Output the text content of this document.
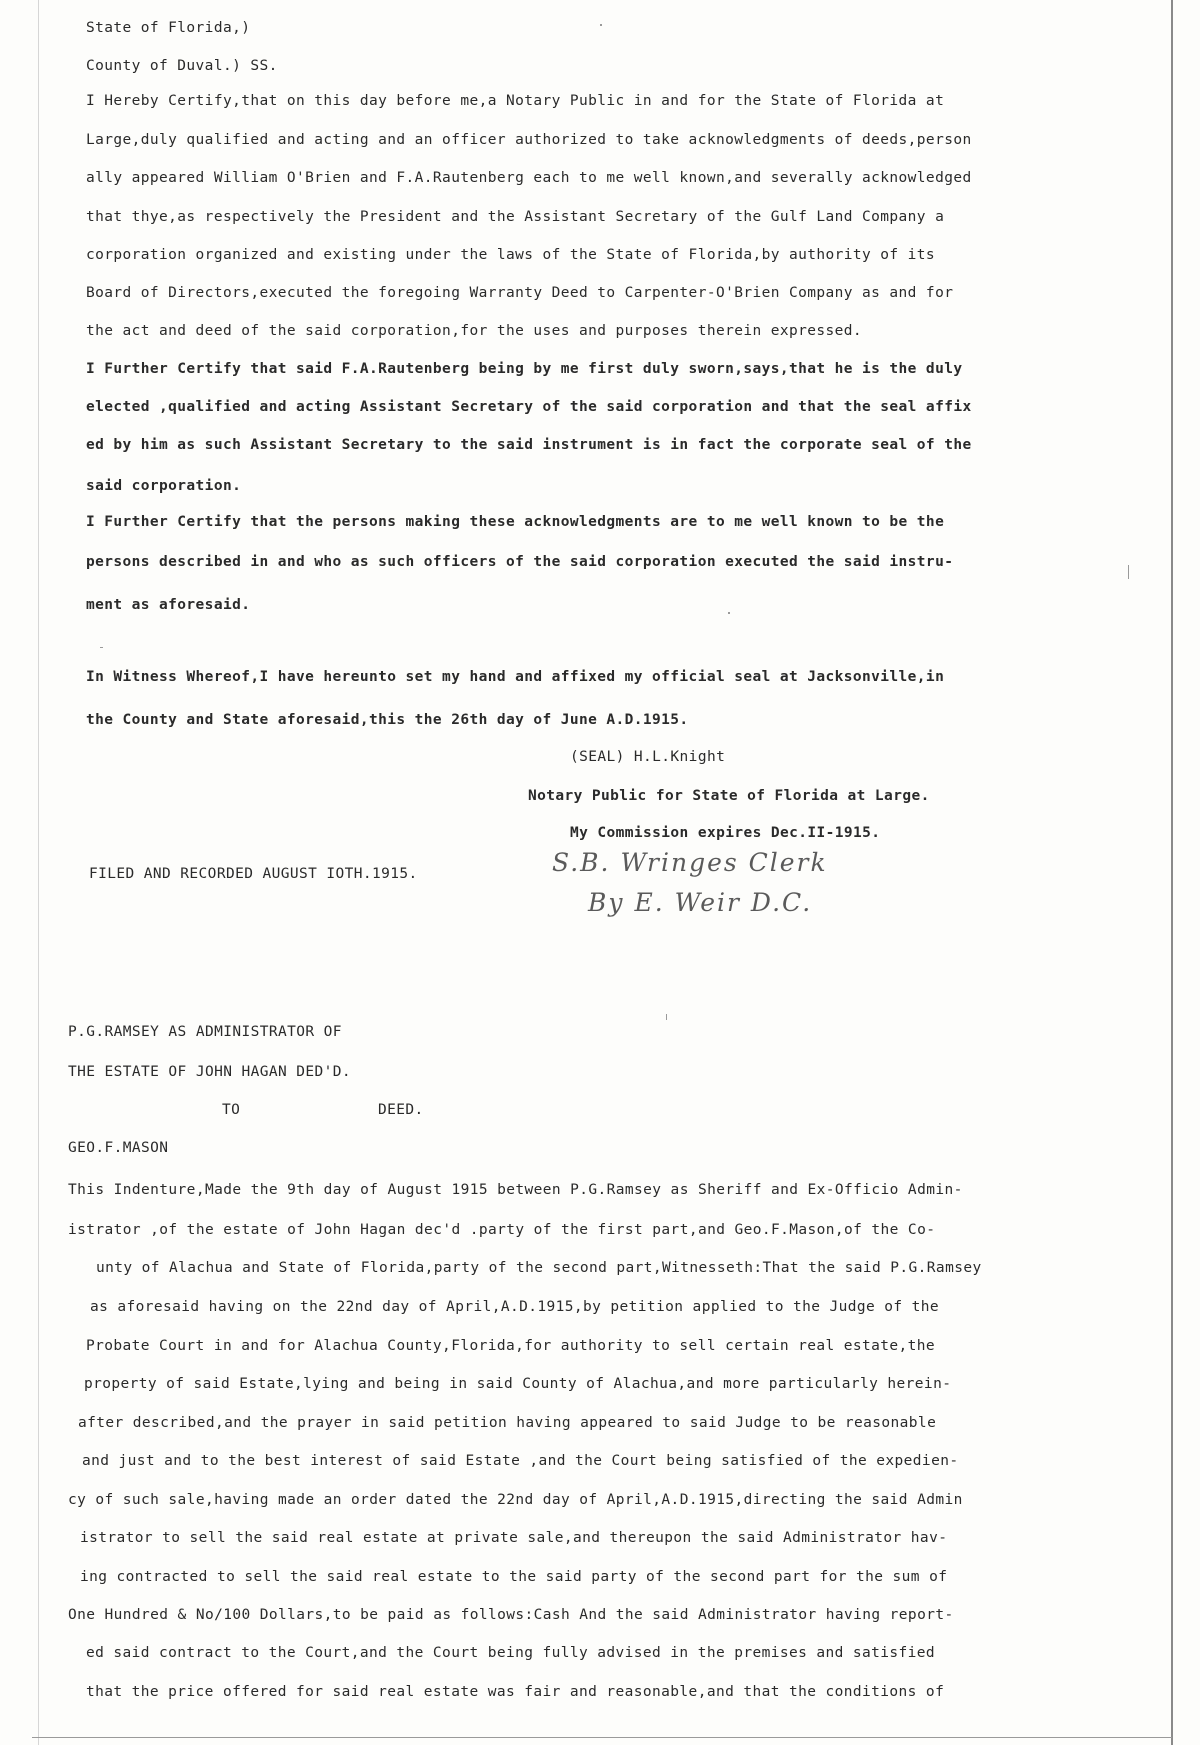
State of Florida,)
County of Duval.) SS.
I Hereby Certify,that on this day before me,a Notary Public in and for the State of Florida at
Large,duly qualified and acting and an officer authorized to take acknowledgments of deeds,person
ally appeared William O'Brien and F.A.Rautenberg each to me well known,and severally acknowledged
that thye,as respectively the President and the Assistant Secretary of the Gulf Land Company a
corporation organized and existing under the laws of the State of Florida,by authority of its
Board of Directors,executed the foregoing Warranty Deed to Carpenter-O'Brien Company as and for
the act and deed of the said corporation,for the uses and purposes therein expressed.
I Further Certify that said F.A.Rautenberg being by me first duly sworn,says,that he is the duly
elected ,qualified and acting Assistant Secretary of the said corporation and that the seal affix
ed by him as such Assistant Secretary to the said instrument is in fact the corporate seal of the
said corporation.
I Further Certify that the persons making these acknowledgments are to me well known to be the
persons described in and who as such officers of the said corporation executed the said instru-
ment as aforesaid.
In Witness Whereof,I have hereunto set my hand and affixed my official seal at Jacksonville,in
the County and State aforesaid,this the 26th day of June A.D.1915.
(SEAL) H.L.Knight
Notary Public for State of Florida at Large.
My Commission expires Dec.II-1915.
FILED AND RECORDED AUGUST IOTH.1915.	S.B. Wringes Clerk
By E. Weir D.C.
P.G.RAMSEY AS ADMINISTRATOR OF
THE ESTATE OF JOHN HAGAN DED'D.
TO	DEED.
GEO.F.MASON
This Indenture,Made the 9th day of August 1915 between P.G.Ramsey as Sheriff and Ex-Officio Admin-
istrator ,of the estate of John Hagan dec'd .party of the first part,and Geo.F.Mason,of the Co-
unty of Alachua and State of Florida,party of the second part,Witnesseth:That the said P.G.Ramsey
as aforesaid having on the 22nd day of April,A.D.1915,by petition applied to the Judge of the
Probate Court in and for Alachua County,Florida,for authority to sell certain real estate,the
property of said Estate,lying and being in said County of Alachua,and more particularly herein-
after described,and the prayer in said petition having appeared to said Judge to be reasonable
and just and to the best interest of said Estate ,and the Court being satisfied of the expedien-
cy of such sale,having made an order dated the 22nd day of April,A.D.1915,directing the said Admin
istrator to sell the said real estate at private sale,and thereupon the said Administrator hav-
ing contracted to sell the said real estate to the said party of the second part for the sum of
One Hundred & No/100 Dollars,to be paid as follows:Cash And the said Administrator having report-
ed said contract to the Court,and the Court being fully advised in the premises and satisfied
that the price offered for said real estate was fair and reasonable,and that the conditions of
